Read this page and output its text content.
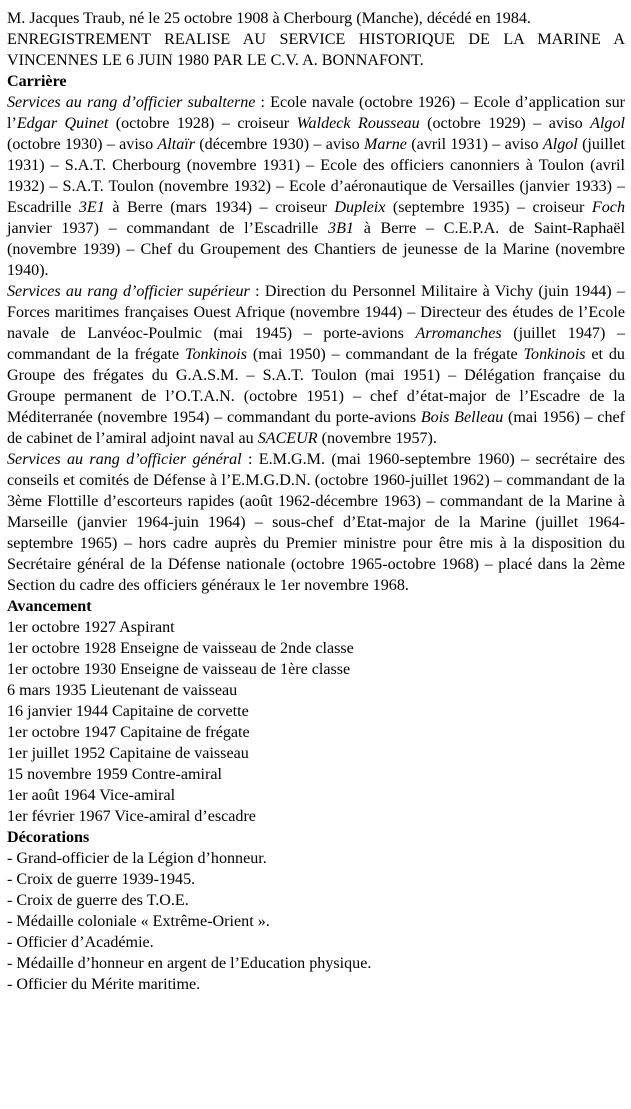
M. Jacques Traub, né le 25 octobre 1908 à Cherbourg (Manche), décédé en 1984.

ENREGISTREMENT REALISE AU SERVICE HISTORIQUE DE LA MARINE A VINCENNES LE 6 JUIN 1980 PAR LE C.V. A. BONNAFONT.

Carrière

Services au rang d’officier subalterne : Ecole navale (octobre 1926) – Ecole d’application sur l’Edgar Quinet (octobre 1928) – croiseur Waldeck Rousseau (octobre 1929) – aviso Algol (octobre 1930) – aviso Altaïr (décembre 1930) – aviso Marne (avril 1931) – aviso Algol (juillet 1931) – S.A.T. Cherbourg (novembre 1931) – Ecole des officiers canonniers à Toulon (avril 1932) – S.A.T. Toulon (novembre 1932) – Ecole d’aéronautique de Versailles (janvier 1933) – Escadrille 3E1 à Berre (mars 1934) – croiseur Dupleix (septembre 1935) – croiseur Foch janvier 1937) – commandant de l’Escadrille 3B1 à Berre – C.E.P.A. de Saint-Raphaël (novembre 1939) – Chef du Groupement des Chantiers de jeunesse de la Marine (novembre 1940).

Services au rang d’officier supérieur : Direction du Personnel Militaire à Vichy (juin 1944) – Forces maritimes françaises Ouest Afrique (novembre 1944) – Directeur des études de l’Ecole navale de Lanvéoc-Poulmic (mai 1945) – porte-avions Arromanches (juillet 1947) – commandant de la frégate Tonkinois (mai 1950) – commandant de la frégate Tonkinois et du Groupe des frégates du G.A.S.M. – S.A.T. Toulon (mai 1951) – Délégation française du Groupe permanent de l’O.T.A.N. (octobre 1951) – chef d’état-major de l’Escadre de la Méditerranée (novembre 1954) – commandant du porte-avions Bois Belleau (mai 1956) – chef de cabinet de l’amiral adjoint naval au SACEUR (novembre 1957).

Services au rang d’officier général : E.M.G.M. (mai 1960-septembre 1960) – secrétaire des conseils et comités de Défense à l’E.M.G.D.N. (octobre 1960-juillet 1962) – commandant de la 3ème Flottille d’escorteurs rapides (août 1962-décembre 1963) – commandant de la Marine à Marseille (janvier 1964-juin 1964) – sous-chef d’Etat-major de la Marine (juillet 1964-septembre 1965) – hors cadre auprès du Premier ministre pour être mis à la disposition du Secrétaire général de la Défense nationale (octobre 1965-octobre 1968) – placé dans la 2ème Section du cadre des officiers généraux le 1er novembre 1968.

Avancement

1er octobre 1927 Aspirant
1er octobre 1928 Enseigne de vaisseau de 2nde classe
1er octobre 1930 Enseigne de vaisseau de 1ère classe
6 mars 1935 Lieutenant de vaisseau
16 janvier 1944 Capitaine de corvette
1er octobre 1947 Capitaine de frégate
1er juillet 1952 Capitaine de vaisseau
15 novembre 1959 Contre-amiral
1er août 1964 Vice-amiral
1er février 1967 Vice-amiral d’escadre

Décorations

- Grand-officier de la Légion d’honneur.
- Croix de guerre 1939-1945.
- Croix de guerre des T.O.E.
- Médaille coloniale « Extrême-Orient ».
- Officier d’Académie.
- Médaille d’honneur en argent de l’Education physique.
- Officier du Mérite maritime.
